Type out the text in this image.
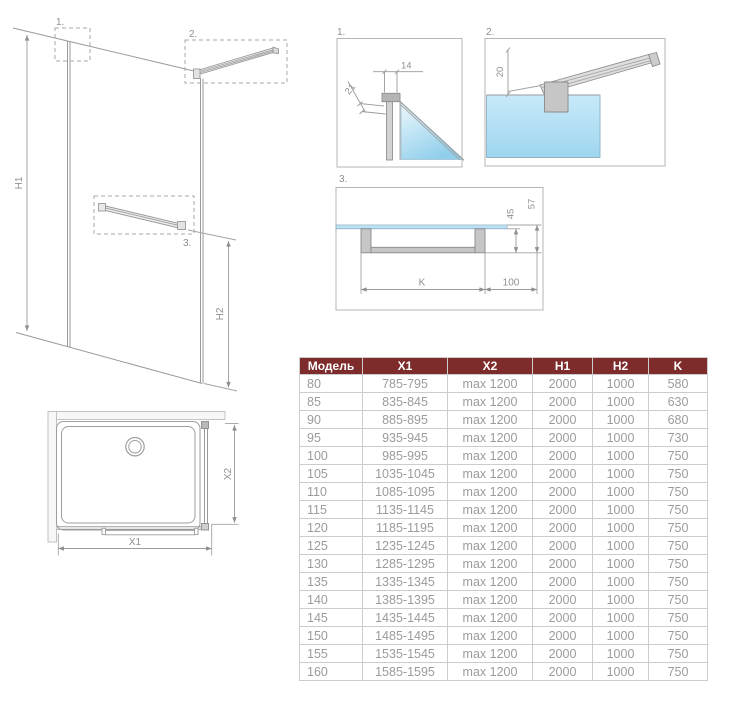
1.
2.
3.
H1
H2
1.
14
21
2.
20
3.
45
57
K	100
X1
X2
Модель	X1	X2	H1	H2	K
80	785-795	max 1200	2000	1000	580
85	835-845	max 1200	2000	1000	630
90	885-895	max 1200	2000	1000	680
95	935-945	max 1200	2000	1000	730
100	985-995	max 1200	2000	1000	750
105	1035-1045	max 1200	2000	1000	750
110	1085-1095	max 1200	2000	1000	750
115	1135-1145	max 1200	2000	1000	750
120	1185-1195	max 1200	2000	1000	750
125	1235-1245	max 1200	2000	1000	750
130	1285-1295	max 1200	2000	1000	750
135	1335-1345	max 1200	2000	1000	750
140	1385-1395	max 1200	2000	1000	750
145	1435-1445	max 1200	2000	1000	750
150	1485-1495	max 1200	2000	1000	750
155	1535-1545	max 1200	2000	1000	750
160	1585-1595	max 1200	2000	1000	750
